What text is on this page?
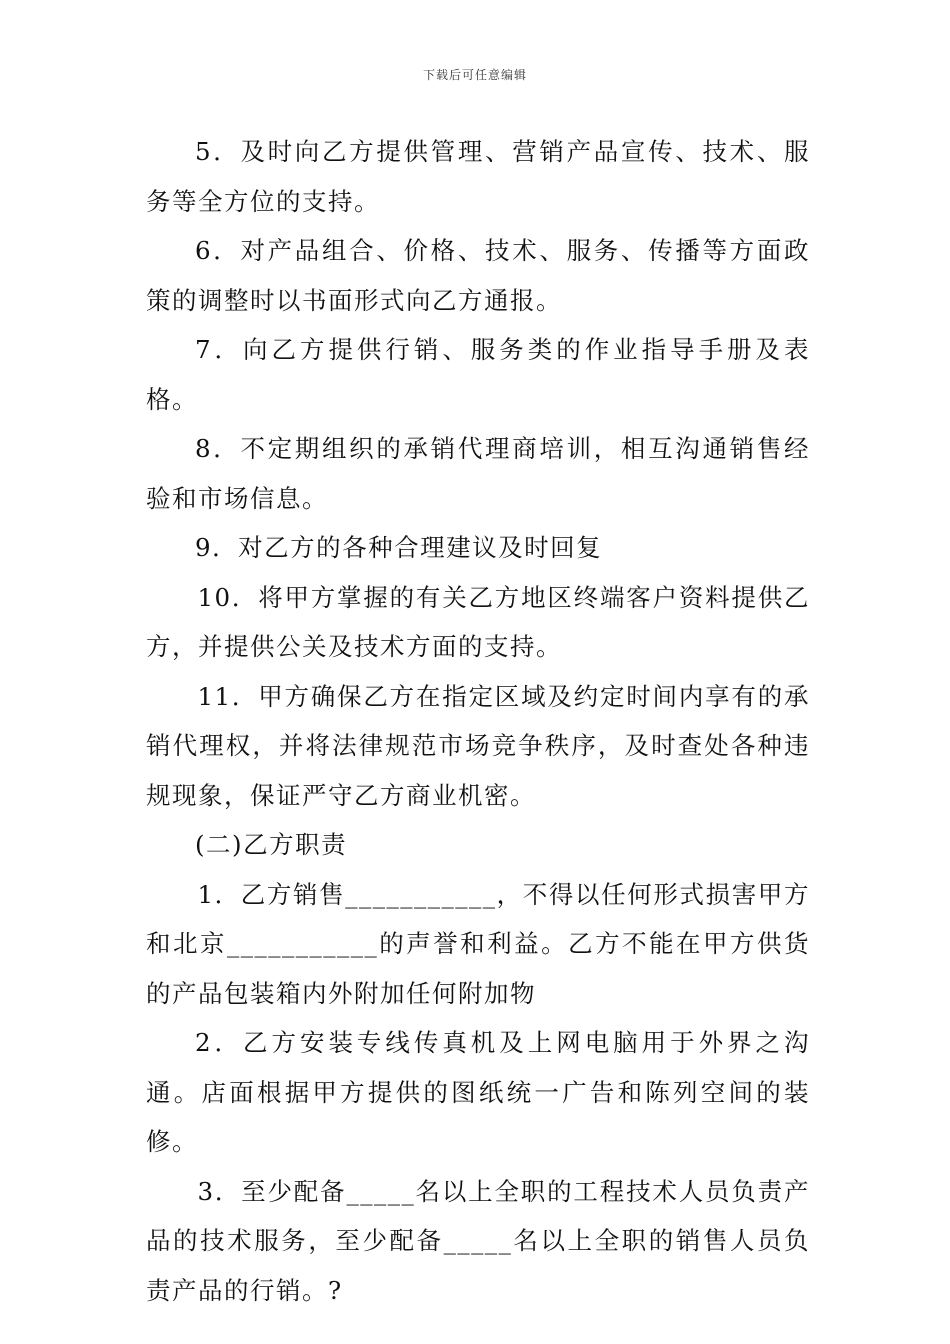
下载后可任意编辑

5．及时向乙方提供管理、营销产品宣传、技术、服务等全方位的支持。

6．对产品组合、价格、技术、服务、传播等方面政策的调整时以书面形式向乙方通报。

7．向乙方提供行销、服务类的作业指导手册及表格。

8．不定期组织的承销代理商培训，相互沟通销售经验和市场信息。

9．对乙方的各种合理建议及时回复

10．将甲方掌握的有关乙方地区终端客户资料提供乙方，并提供公关及技术方面的支持。

11．甲方确保乙方在指定区域及约定时间内享有的承销代理权，并将法律规范市场竞争秩序，及时查处各种违规现象，保证严守乙方商业机密。

(二)乙方职责

1．乙方销售___________，不得以任何形式损害甲方和北京___________的声誉和利益。乙方不能在甲方供货的产品包装箱内外附加任何附加物

2．乙方安装专线传真机及上网电脑用于外界之沟通。店面根据甲方提供的图纸统一广告和陈列空间的装修。

3．至少配备_____名以上全职的工程技术人员负责产品的技术服务，至少配备_____名以上全职的销售人员负责产品的行销。?
